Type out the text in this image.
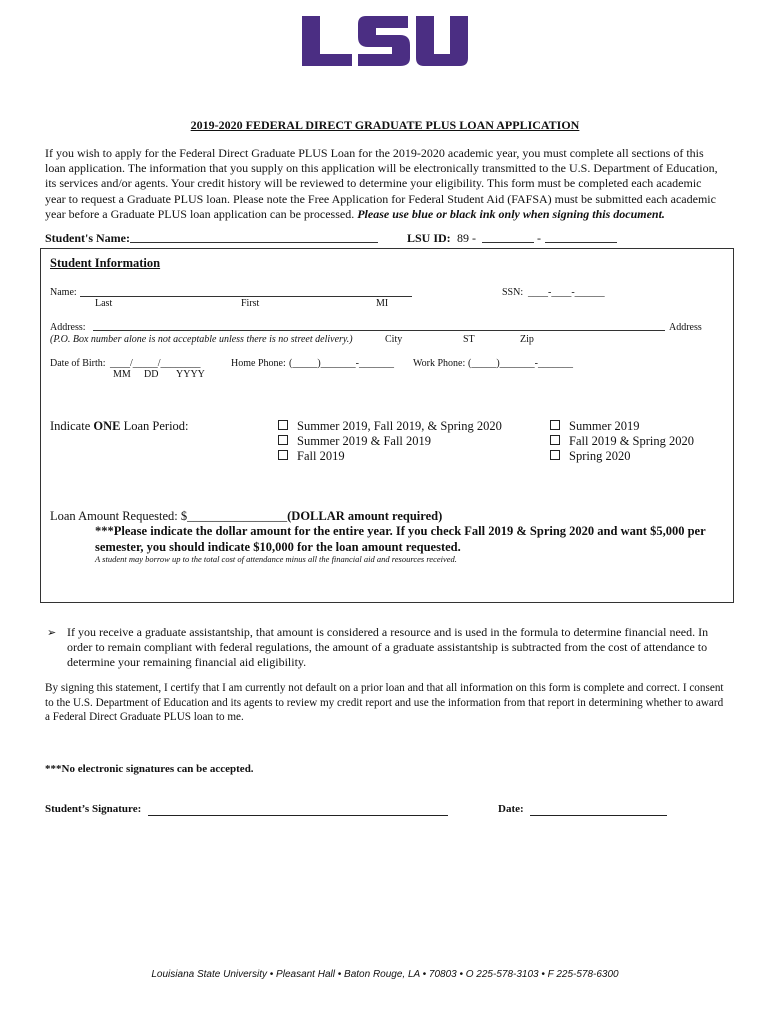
2019-2020 FEDERAL DIRECT GRADUATE PLUS LOAN APPLICATION
If you wish to apply for the Federal Direct Graduate PLUS Loan for the 2019-2020 academic year, you must complete all sections of this loan application. The information that you supply on this application will be electronically transmitted to the U.S. Department of Education, its services and/or agents. Your credit history will be reviewed to determine your eligibility. This form must be completed each academic year to request a Graduate PLUS loan. Please note the Free Application for Federal Student Aid (FAFSA) must be submitted each academic year before a Graduate PLUS loan application can be processed. Please use blue or black ink only when signing this document.
Student's Name:	LSU ID: 89 -	-
Student Information
Name:	SSN: ____-____-______
Last	First	MI
Address:	Address
(P.O. Box number alone is not acceptable unless there is no street delivery.)	City	ST	Zip
Date of Birth: ____/_____/________	Home Phone: (_____)_______-_______ Work Phone: (_____)_______-_______
MM DD YYYY
Indicate ONE Loan Period:	Summer 2019, Fall 2019, & Spring 2020
Summer 2019 & Fall 2019
Fall 2019
Summer 2019
Fall 2019 & Spring 2020
Spring 2020
Loan Amount Requested: $________________(DOLLAR amount required)
***Please indicate the dollar amount for the entire year. If you check Fall 2019 & Spring 2020 and want $5,000 per semester, you should indicate $10,000 for the loan amount requested.
A student may borrow up to the total cost of attendance minus all the financial aid and resources received.
➢ If you receive a graduate assistantship, that amount is considered a resource and is used in the formula to determine financial need. In order to remain compliant with federal regulations, the amount of a graduate assistantship is subtracted from the cost of attendance to determine your remaining financial aid eligibility.
By signing this statement, I certify that I am currently not default on a prior loan and that all information on this form is complete and correct. I consent to the U.S. Department of Education and its agents to review my credit report and use the information from that report in determining whether to award a Federal Direct Graduate PLUS loan to me.
***No electronic signatures can be accepted.
Student’s Signature:	Date:
Louisiana State University • Pleasant Hall • Baton Rouge, LA • 70803 • O 225-578-3103 • F 225-578-6300
